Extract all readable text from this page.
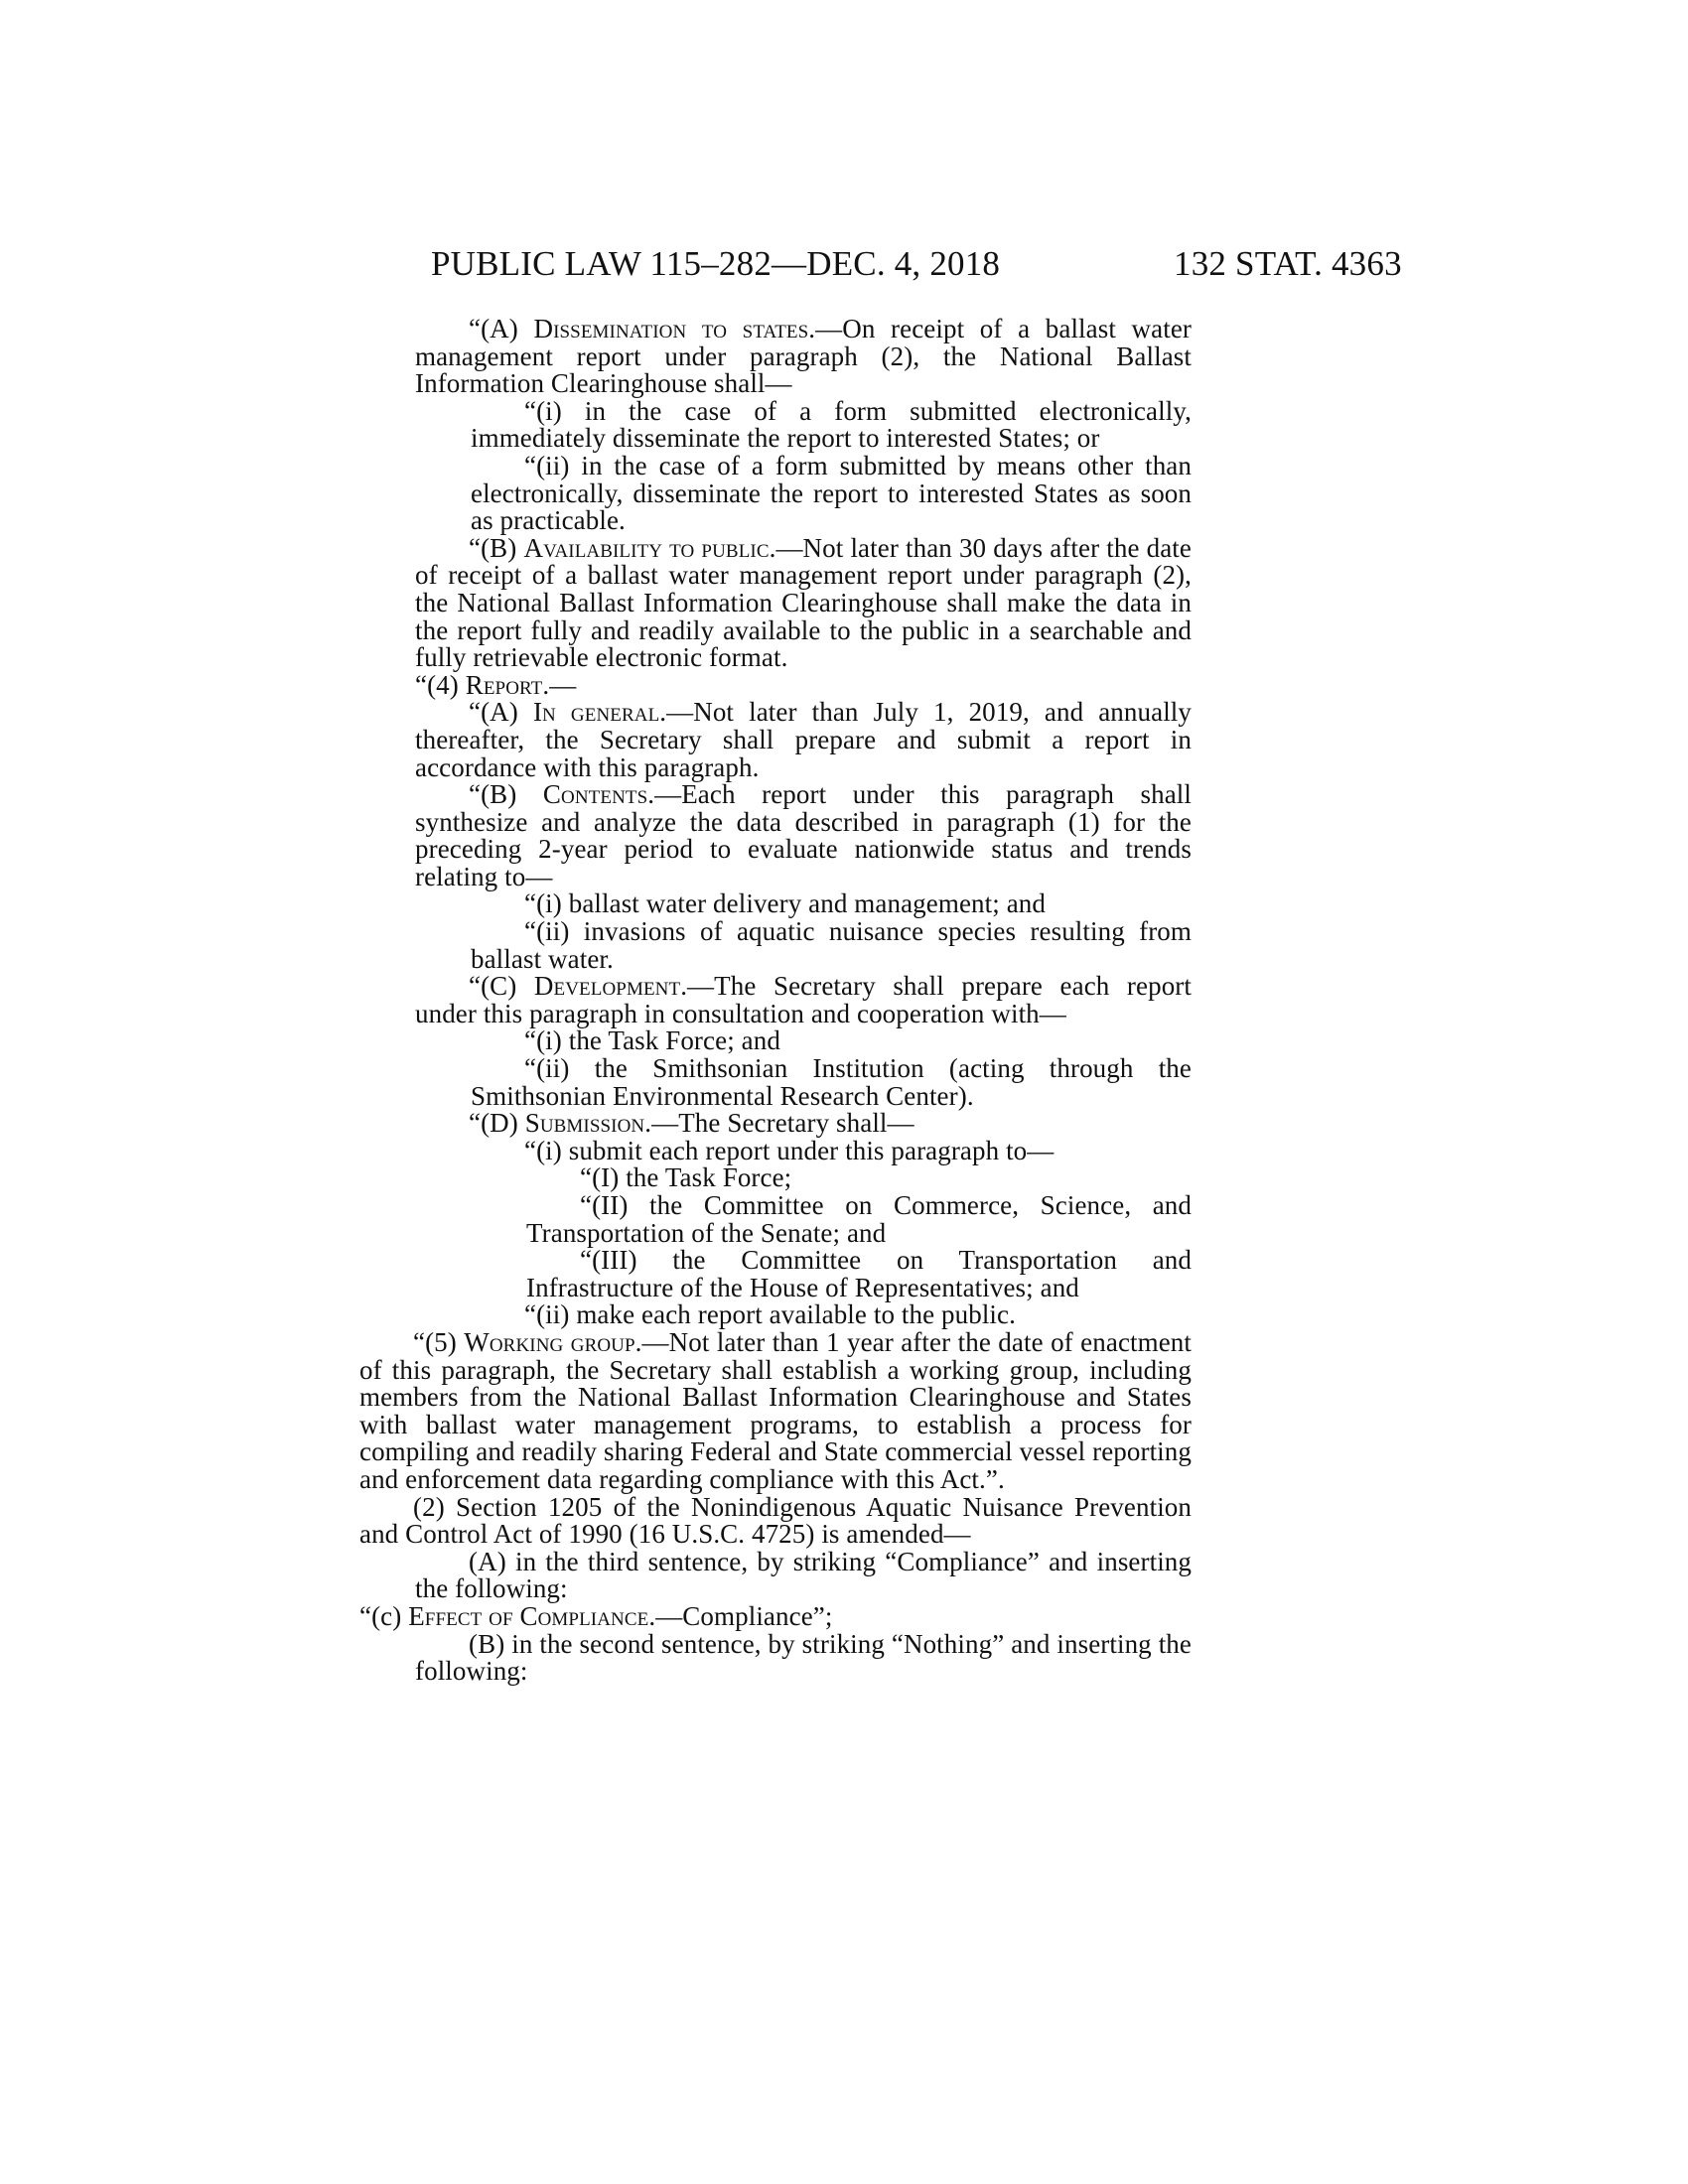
PUBLIC LAW 115–282—DEC. 4, 2018	132 STAT. 4363

“(A) Dissemination to states.—On receipt of a ballast water management report under paragraph (2), the National Ballast Information Clearinghouse shall—

“(i) in the case of a form submitted electronically, immediately disseminate the report to interested States; or

“(ii) in the case of a form submitted by means other than electronically, disseminate the report to interested States as soon as practicable.

“(B) Availability to public.—Not later than 30 days after the date of receipt of a ballast water management report under paragraph (2), the National Ballast Information Clearinghouse shall make the data in the report fully and readily available to the public in a searchable and fully retrievable electronic format.

“(4) Report.—

“(A) In general.—Not later than July 1, 2019, and annually thereafter, the Secretary shall prepare and submit a report in accordance with this paragraph.

“(B) Contents.—Each report under this paragraph shall synthesize and analyze the data described in paragraph (1) for the preceding 2-year period to evaluate nationwide status and trends relating to—

“(i) ballast water delivery and management; and

“(ii) invasions of aquatic nuisance species resulting from ballast water.

“(C) Development.—The Secretary shall prepare each report under this paragraph in consultation and cooperation with—

“(i) the Task Force; and

“(ii) the Smithsonian Institution (acting through the Smithsonian Environmental Research Center).

“(D) Submission.—The Secretary shall—

“(i) submit each report under this paragraph to—

“(I) the Task Force;

“(II) the Committee on Commerce, Science, and Transportation of the Senate; and

“(III) the Committee on Transportation and Infrastructure of the House of Representatives; and

“(ii) make each report available to the public.

“(5) Working group.—Not later than 1 year after the date of enactment of this paragraph, the Secretary shall establish a working group, including members from the National Ballast Information Clearinghouse and States with ballast water management programs, to establish a process for compiling and readily sharing Federal and State commercial vessel reporting and enforcement data regarding compliance with this Act.”.

(2) Section 1205 of the Nonindigenous Aquatic Nuisance Prevention and Control Act of 1990 (16 U.S.C. 4725) is amended—

(A) in the third sentence, by striking “Compliance” and inserting the following:

“(c) Effect of Compliance.—Compliance”;

(B) in the second sentence, by striking “Nothing” and inserting the following:
